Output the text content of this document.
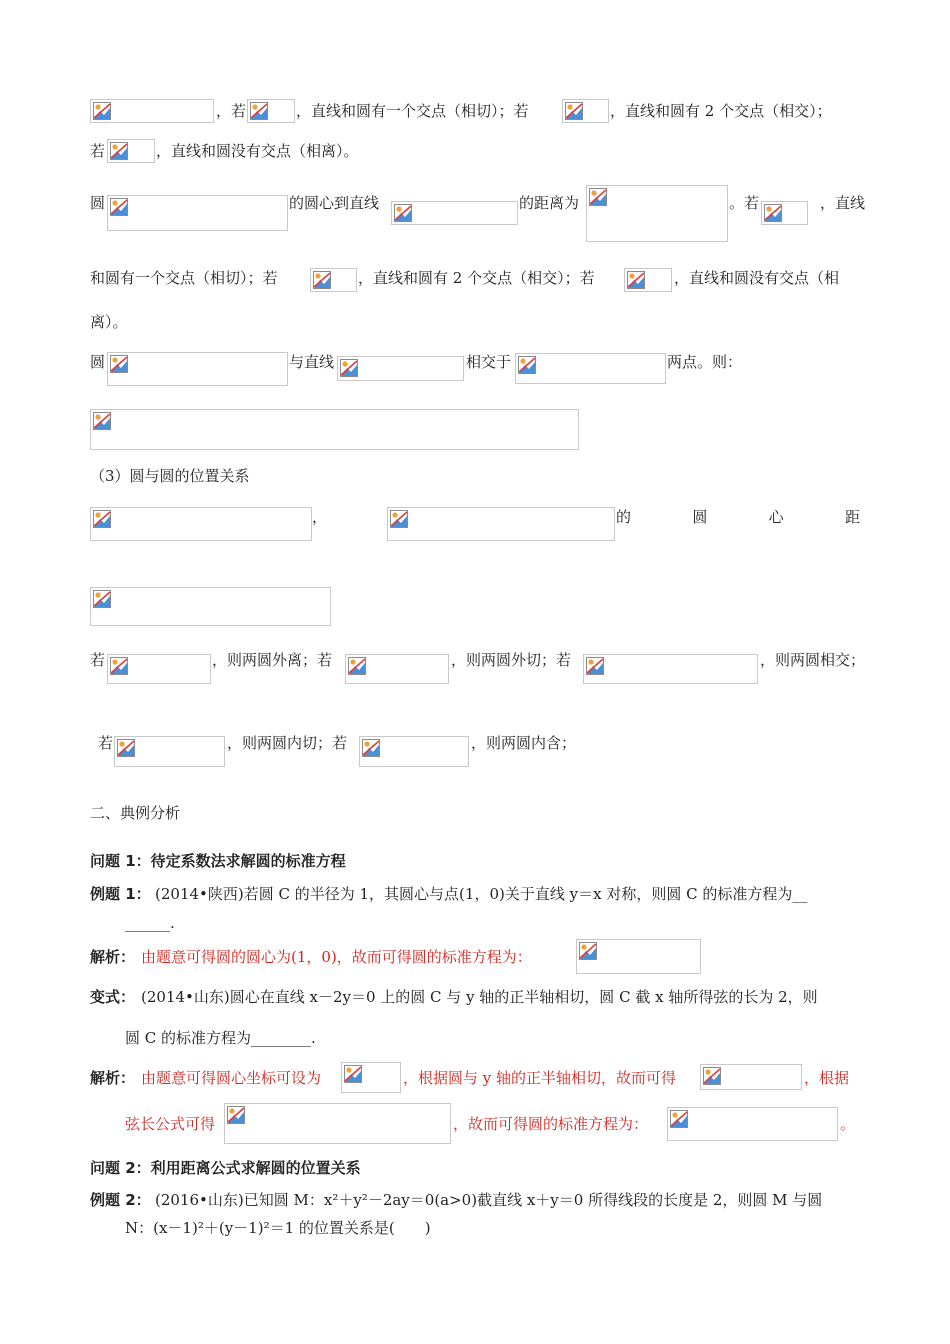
，若	，直线和圆有一个交点（相切）；若	，直线和圆有 2 个交点（相交）；
若	，直线和圆没有交点（相离）。
圆	的圆心到直线	的距离为	。若	，直线
和圆有一个交点（相切）；若	，直线和圆有 2 个交点（相交）；若	，直线和圆没有交点（相
离）。
圆	与直线	相交于	两点。则：
（3）圆与圆的位置关系
，	的	圆	心	距
若	，则两圆外离；若	，则两圆外切；若	，则两圆相交；
若	，则两圆内切；若	，则两圆内含；
二、典例分析
问题 1：待定系数法求解圆的标准方程
例题 1： (2014•陕西)若圆 C 的半径为 1，其圆心与点(1，0)关于直线 y＝x 对称，则圆 C 的标准方程为__
______.
解析： 由题意可得圆的圆心为(1，0)，故而可得圆的标准方程为：
变式： (2014•山东)圆心在直线 x－2y＝0 上的圆 C 与 y 轴的正半轴相切，圆 C 截 x 轴所得弦的长为 2，则
圆 C 的标准方程为________.
解析： 由题意可得圆心坐标可设为	，根据圆与 y 轴的正半轴相切，故而可得	，根据
弦长公式可得	，故而可得圆的标准方程为：	。
问题 2：利用距离公式求解圆的位置关系
例题 2： (2016•山东)已知圆 M：x²＋y²－2ay＝0(a>0)截直线 x＋y＝0 所得线段的长度是 2，则圆 M 与圆
N：(x－1)²＋(y－1)²＝1 的位置关系是(　　)
